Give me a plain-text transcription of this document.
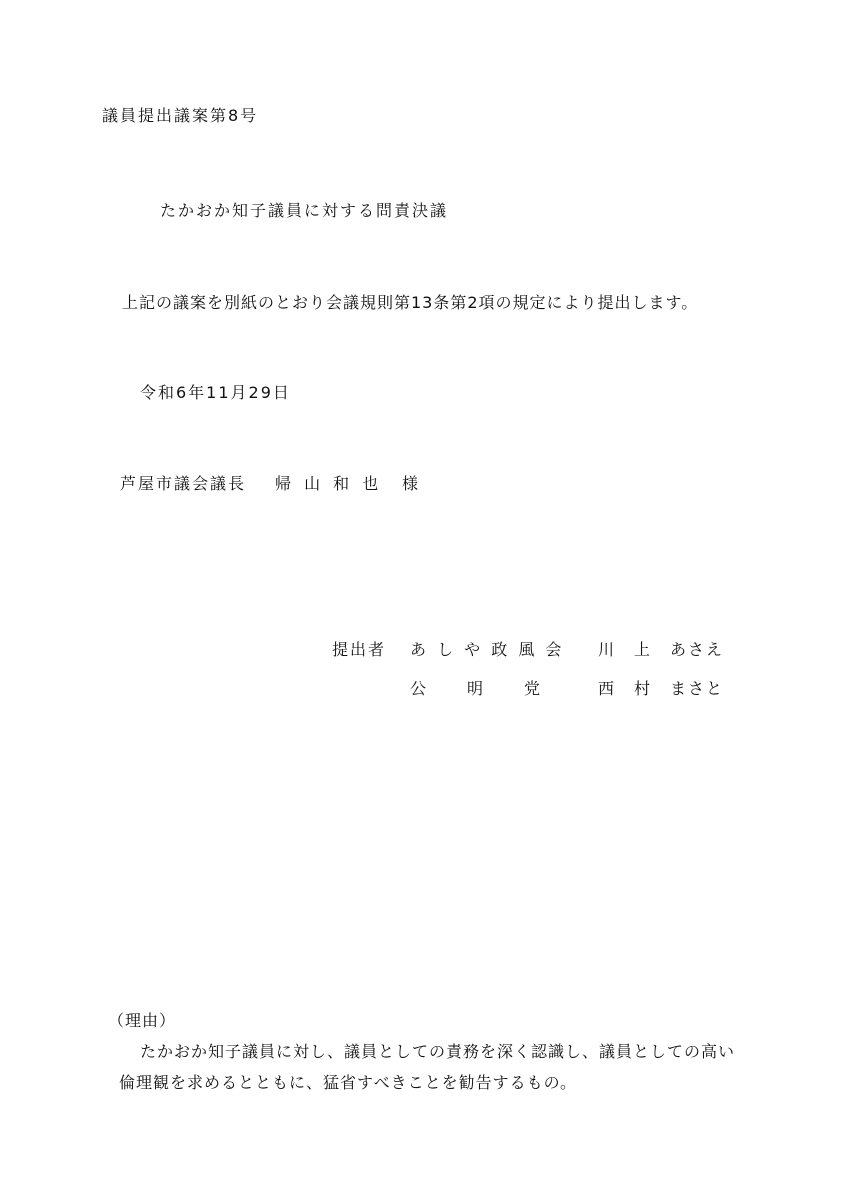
議員提出議案第8号
たかおか知子議員に対する問責決議
上記の議案を別紙のとおり会議規則第13条第2項の規定により提出します。
令和6年11月29日
芦屋市議会議長 帰 山 和 也 様
提出者 あ し や 政 風 会 川　上　あさえ
公　　明　　党	西　村　まさと
（理由）
たかおか知子議員に対し、議員としての責務を深く認識し、議員としての高い
倫理観を求めるとともに、猛省すべきことを勧告するもの。
